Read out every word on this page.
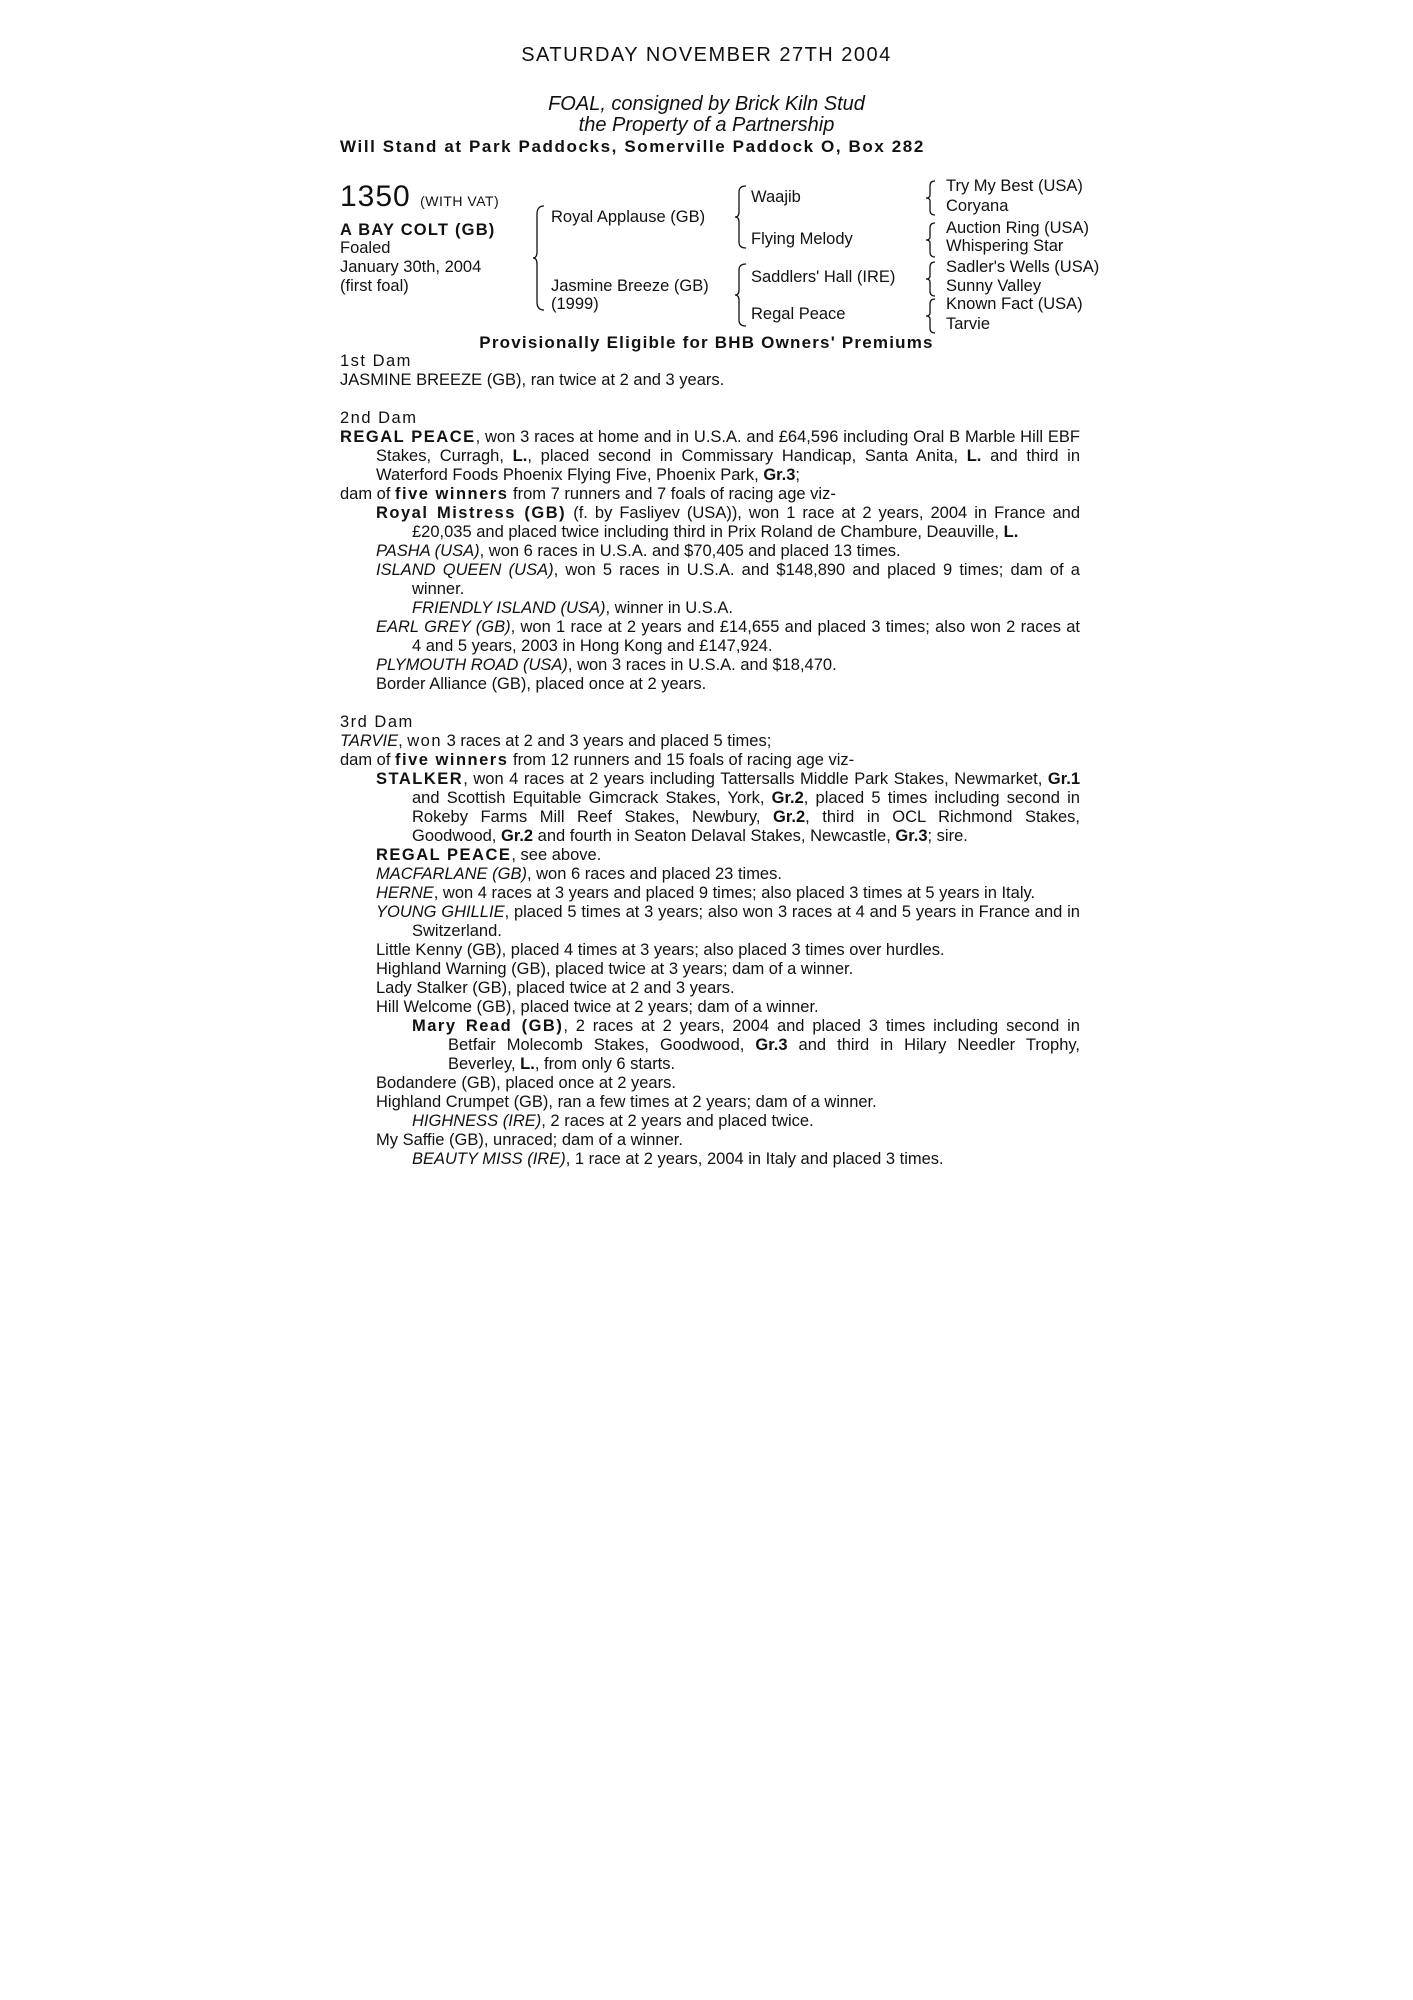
SATURDAY NOVEMBER 27TH 2004
FOAL, consigned by Brick Kiln Stud
the Property of a Partnership
Will Stand at Park Paddocks, Somerville Paddock O, Box 282
1350 (WITH VAT)
A BAY COLT (GB)
Foaled
January 30th, 2004
(first foal)
Royal Applause (GB)
Jasmine Breeze (GB)
(1999)
Waajib
Flying Melody
Saddlers' Hall (IRE)
Regal Peace
Try My Best (USA)
Coryana
Auction Ring (USA)
Whispering Star
Sadler's Wells (USA)
Sunny Valley
Known Fact (USA)
Tarvie
Provisionally Eligible for BHB Owners' Premiums
1st Dam
JASMINE BREEZE (GB), ran twice at 2 and 3 years.
2nd Dam
REGAL PEACE, won 3 races at home and in U.S.A. and £64,596 including Oral B Marble Hill EBF Stakes, Curragh, L., placed second in Commissary Handicap, Santa Anita, L. and third in Waterford Foods Phoenix Flying Five, Phoenix Park, Gr.3;
dam of five winners from 7 runners and 7 foals of racing age viz-
Royal Mistress (GB) (f. by Fasliyev (USA)), won 1 race at 2 years, 2004 in France and £20,035 and placed twice including third in Prix Roland de Chambure, Deauville, L.
PASHA (USA), won 6 races in U.S.A. and $70,405 and placed 13 times.
ISLAND QUEEN (USA), won 5 races in U.S.A. and $148,890 and placed 9 times; dam of a winner.
FRIENDLY ISLAND (USA), winner in U.S.A.
EARL GREY (GB), won 1 race at 2 years and £14,655 and placed 3 times; also won 2 races at 4 and 5 years, 2003 in Hong Kong and £147,924.
PLYMOUTH ROAD (USA), won 3 races in U.S.A. and $18,470.
Border Alliance (GB), placed once at 2 years.
3rd Dam
TARVIE, won 3 races at 2 and 3 years and placed 5 times;
dam of five winners from 12 runners and 15 foals of racing age viz-
STALKER, won 4 races at 2 years including Tattersalls Middle Park Stakes, Newmarket, Gr.1 and Scottish Equitable Gimcrack Stakes, York, Gr.2, placed 5 times including second in Rokeby Farms Mill Reef Stakes, Newbury, Gr.2, third in OCL Richmond Stakes, Goodwood, Gr.2 and fourth in Seaton Delaval Stakes, Newcastle, Gr.3; sire.
REGAL PEACE, see above.
MACFARLANE (GB), won 6 races and placed 23 times.
HERNE, won 4 races at 3 years and placed 9 times; also placed 3 times at 5 years in Italy.
YOUNG GHILLIE, placed 5 times at 3 years; also won 3 races at 4 and 5 years in France and in Switzerland.
Little Kenny (GB), placed 4 times at 3 years; also placed 3 times over hurdles.
Highland Warning (GB), placed twice at 3 years; dam of a winner.
Lady Stalker (GB), placed twice at 2 and 3 years.
Hill Welcome (GB), placed twice at 2 years; dam of a winner.
Mary Read (GB), 2 races at 2 years, 2004 and placed 3 times including second in Betfair Molecomb Stakes, Goodwood, Gr.3 and third in Hilary Needler Trophy, Beverley, L., from only 6 starts.
Bodandere (GB), placed once at 2 years.
Highland Crumpet (GB), ran a few times at 2 years; dam of a winner.
HIGHNESS (IRE), 2 races at 2 years and placed twice.
My Saffie (GB), unraced; dam of a winner.
BEAUTY MISS (IRE), 1 race at 2 years, 2004 in Italy and placed 3 times.
